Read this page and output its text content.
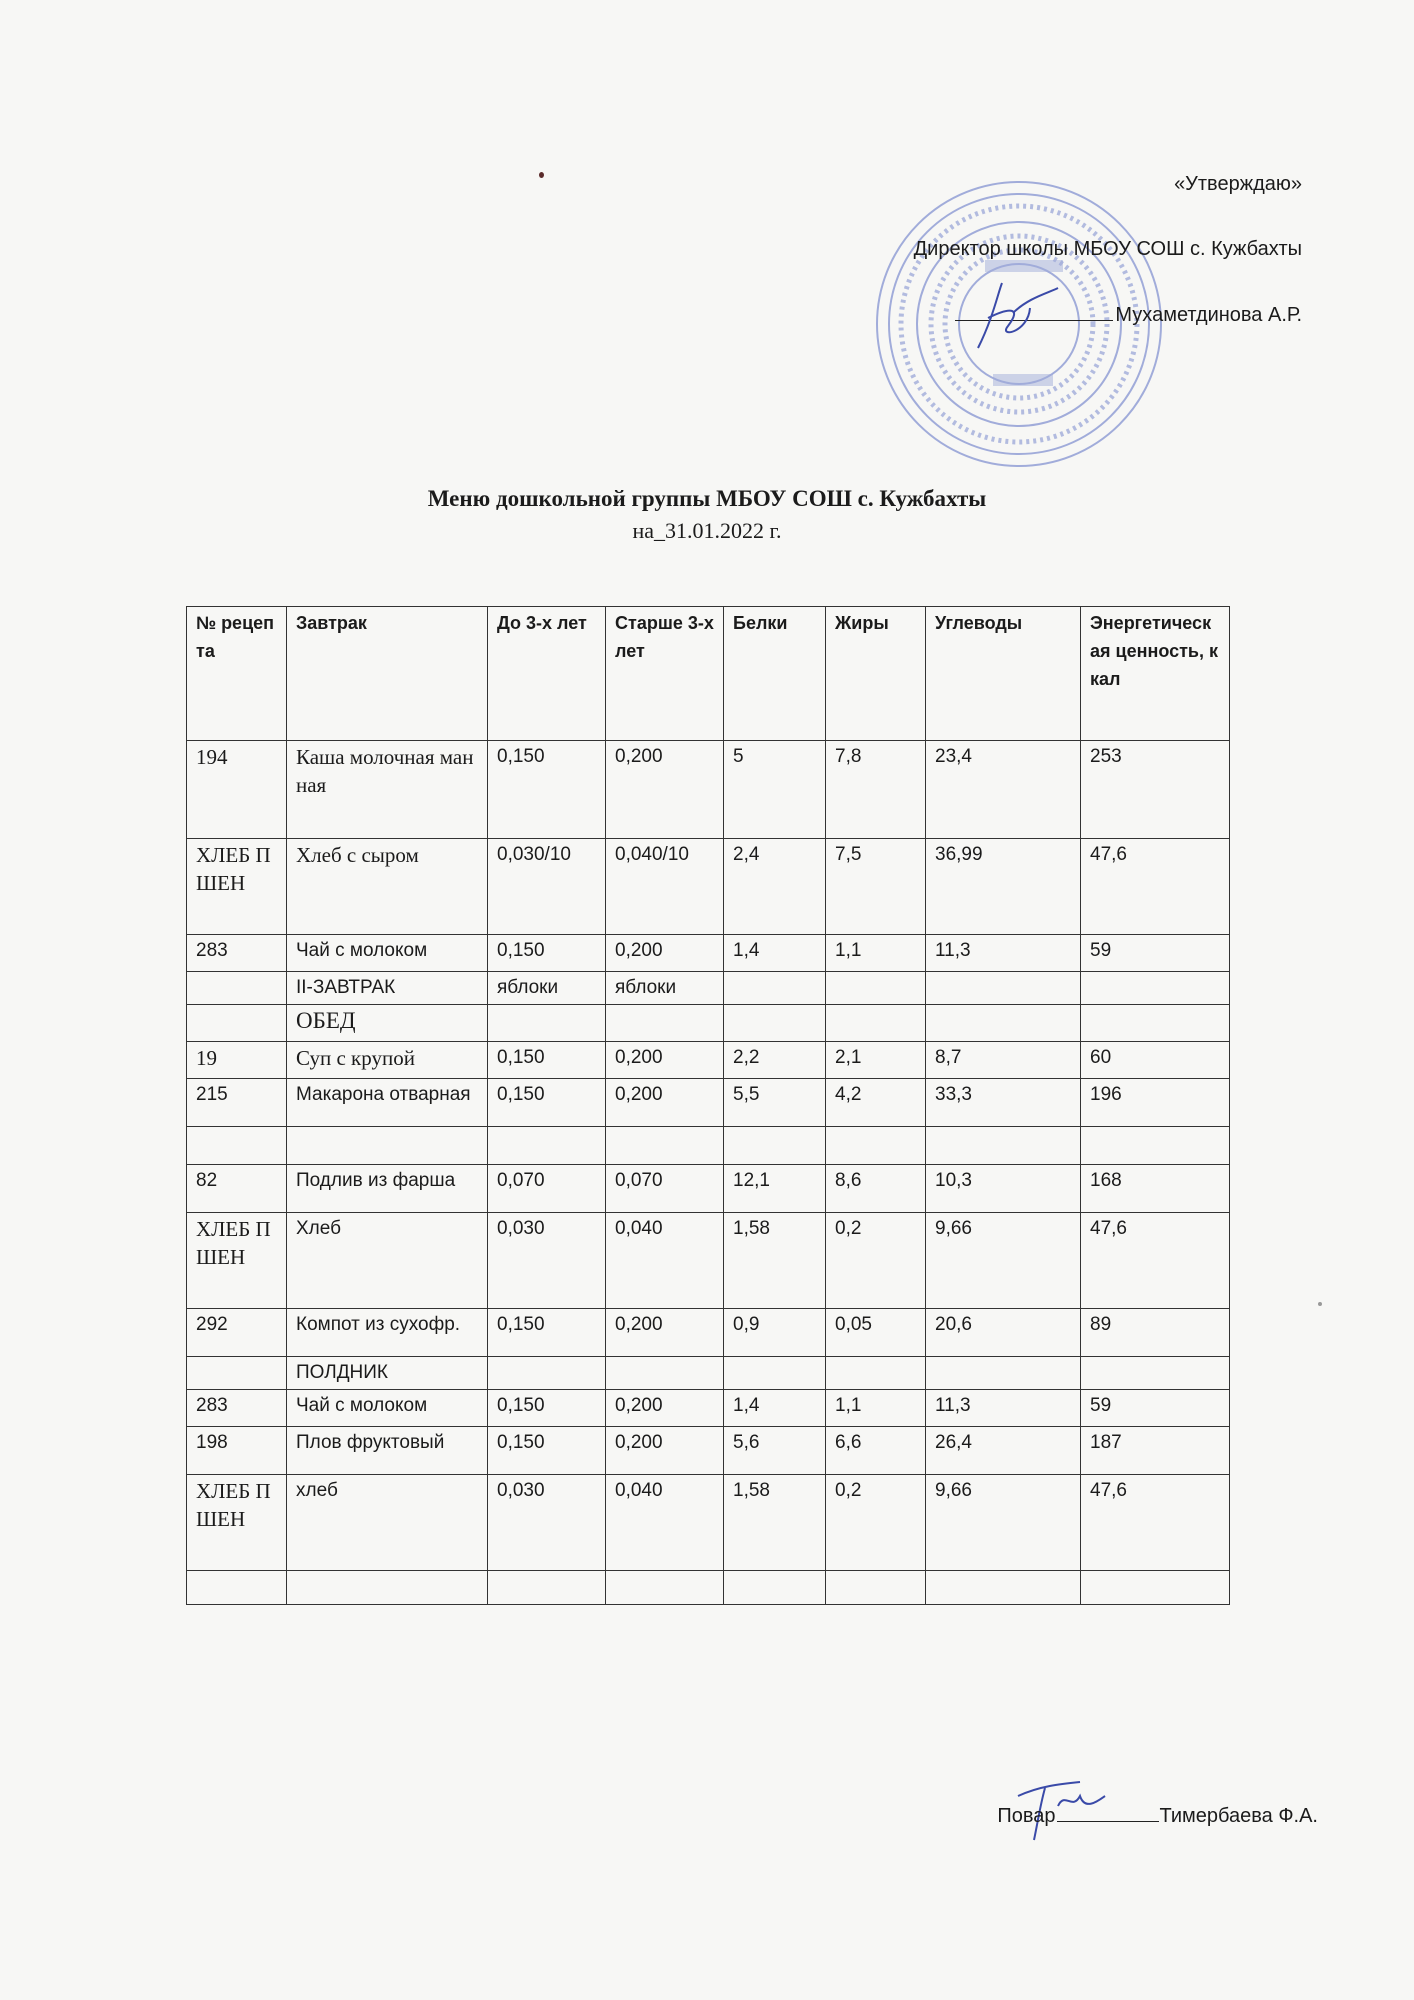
«Утверждаю»
Директор школы МБОУ СОШ с. Кужбахты
Мухаметдинова А.Р.
Меню дошкольной группы МБОУ СОШ с. Кужбахты
на_31.01.2022 г.
№ рецепта	Завтрак	До 3-х лет	Старше 3-х лет	Белки	Жиры	Углеводы	Энергетическая ценность, ккал
194	Каша молочная манная	0,150	0,200	5	7,8	23,4	253
ХЛЕБ ПШЕН	Хлеб с сыром	0,030/10	0,040/10	2,4	7,5	36,99	47,6
283	Чай с молоком	0,150	0,200	1,4	1,1	11,3	59
	II-ЗАВТРАК	яблоки	яблоки				
	ОБЕД						
19	Суп с крупой	0,150	0,200	2,2	2,1	8,7	60
215	Макарона отварная	0,150	0,200	5,5	4,2	33,3	196

82	Подлив из фарша	0,070	0,070	12,1	8,6	10,3	168
ХЛЕБ ПШЕН	Хлеб	0,030	0,040	1,58	0,2	9,66	47,6
292	Компот из сухофр.	0,150	0,200	0,9	0,05	20,6	89
	ПОЛДНИК						
283	Чай с молоком	0,150	0,200	1,4	1,1	11,3	59
198	Плов фруктовый	0,150	0,200	5,6	6,6	26,4	187
ХЛЕБ ПШЕН	хлеб	0,030	0,040	1,58	0,2	9,66	47,6

Повар	Тимербаева Ф.А.
